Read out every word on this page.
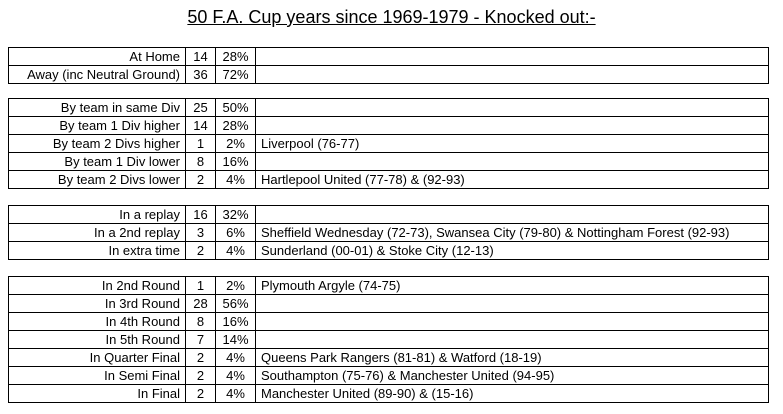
50 F.A. Cup years since 1969-1979 - Knocked out:-
At Home	14	28%	
Away (inc Neutral Ground)	36	72%	
By team in same Div	25	50%	
By team 1 Div higher	14	28%	
By team 2 Divs higher	1	2%	Liverpool (76-77)
By team 1 Div lower	8	16%	
By team 2 Divs lower	2	4%	Hartlepool United (77-78) & (92-93)
In a replay	16	32%	
In a 2nd replay	3	6%	Sheffield Wednesday (72-73), Swansea City (79-80) & Nottingham Forest (92-93)
In extra time	2	4%	Sunderland (00-01) & Stoke City (12-13)
In 2nd Round	1	2%	Plymouth Argyle (74-75)
In 3rd Round	28	56%	
In 4th Round	8	16%	
In 5th Round	7	14%	
In Quarter Final	2	4%	Queens Park Rangers (81-81) & Watford (18-19)
In Semi Final	2	4%	Southampton (75-76) & Manchester United (94-95)
In Final	2	4%	Manchester United (89-90) & (15-16)
